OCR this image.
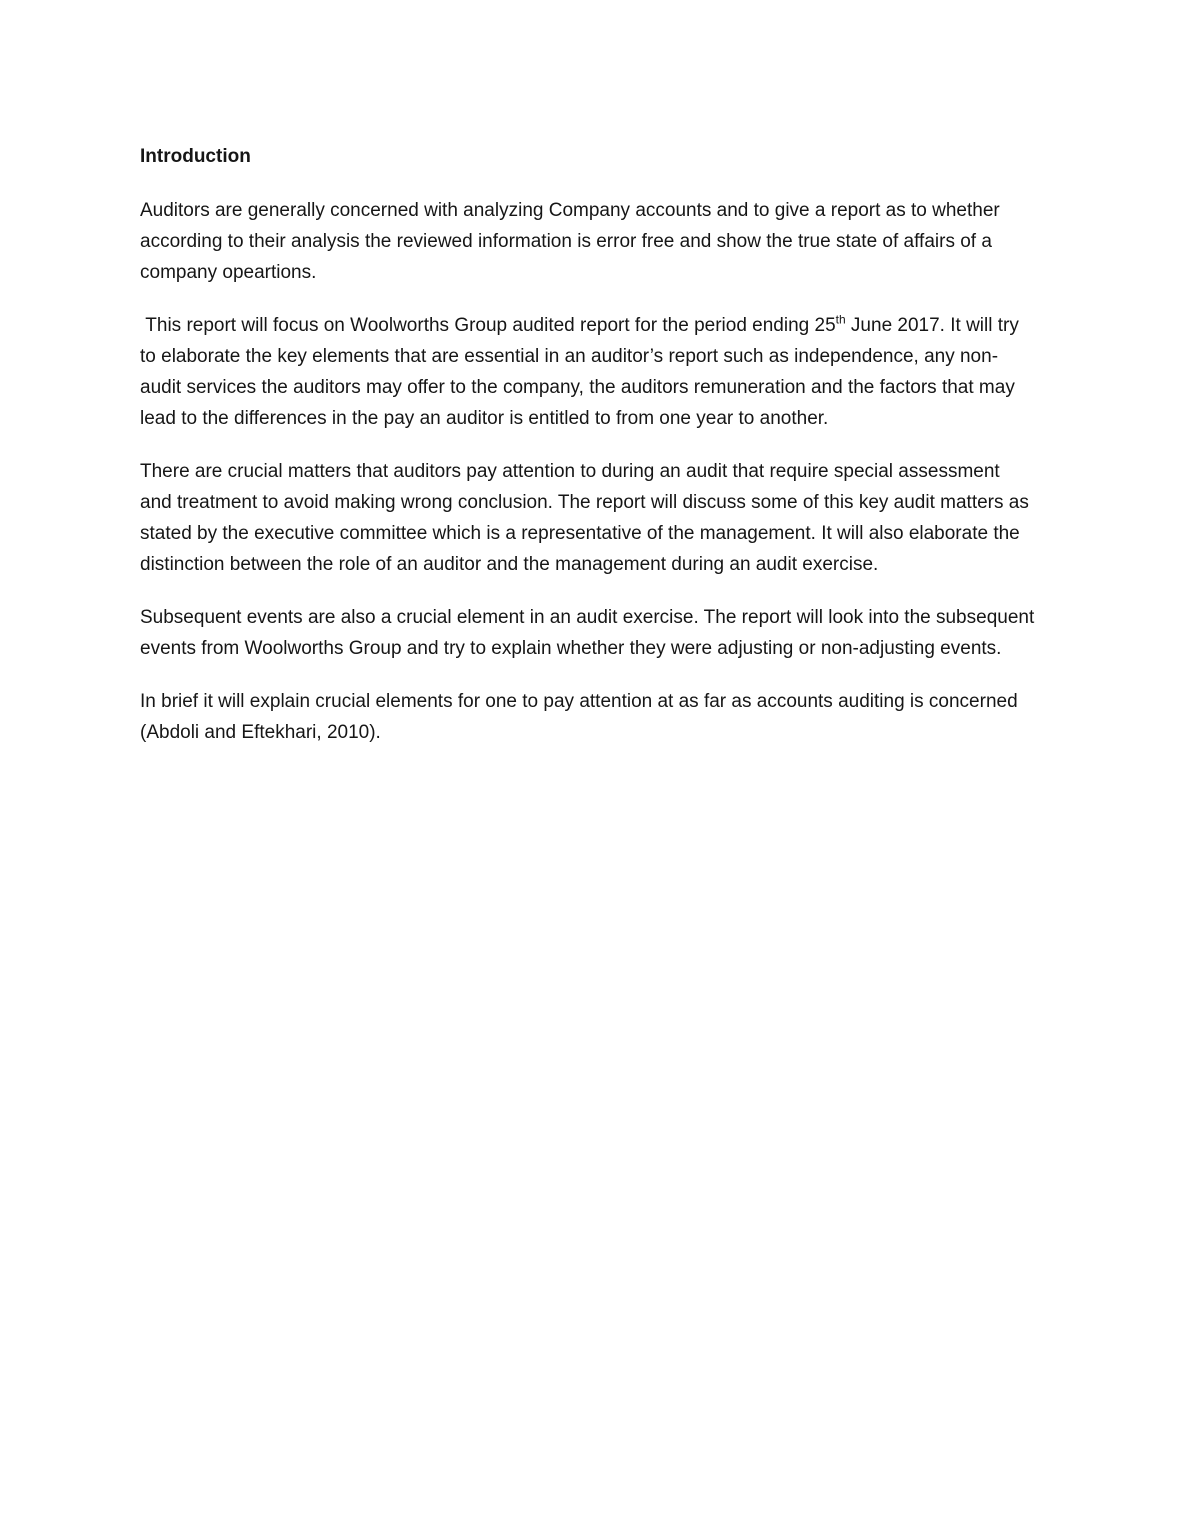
Introduction

Auditors are generally concerned with analyzing Company accounts and to give a report as to whether according to their analysis the reviewed information is error free and show the true state of affairs of a company opeartions.

This report will focus on Woolworths Group audited report for the period ending 25th June 2017. It will try to elaborate the key elements that are essential in an auditor’s report such as independence, any non-audit services the auditors may offer to the company, the auditors remuneration and the factors that may lead to the differences in the pay an auditor is entitled to from one year to another.

There are crucial matters that auditors pay attention to during an audit that require special assessment and treatment to avoid making wrong conclusion. The report will discuss some of this key audit matters as stated by the executive committee which is a representative of the management. It will also elaborate the distinction between the role of an auditor and the management during an audit exercise.

Subsequent events are also a crucial element in an audit exercise. The report will look into the subsequent events from Woolworths Group and try to explain whether they were adjusting or non-adjusting events.

In brief it will explain crucial elements for one to pay attention at as far as accounts auditing is concerned (Abdoli and Eftekhari, 2010).
